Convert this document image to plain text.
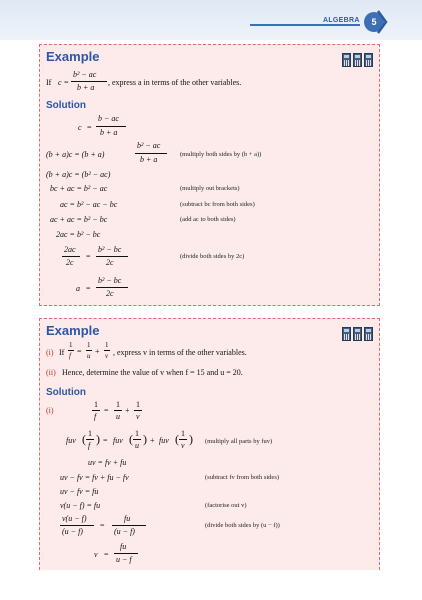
ALGEBRA 5
Example
If c =
b² − ac
b + a
, express a in terms of the other variables.
Solution
c =
b − ac
b + a
(b + a)c = (b + a)
b² − ac
b + a
(multiply both sides by (b + a))
(b + a)c = (b² − ac)
bc + ac = b² − ac	(multiply out brackets)
ac = b² − ac − bc	(subtract bc from both sides)
ac + ac = b² − bc	(add ac to both sides)
2ac = b² − bc
2ac
2c
=
b² − bc
2c
(divide both sides by 2c)
a =
b² − bc
2c
Example
(i) If
1
f =
1
u +
1
v , express v in terms of the other variables.
(ii) Hence, determine the value of v when f = 15 and u = 20.
Solution
(i)
1
f
=
1
u
+
1
v
fuv ( 1
f ) = fuv ( 1
u ) + fuv ( 1
v ) (multiply all parts by fuv)
uv = fv + fu
uv − fv = fv + fu − fv	(subtract fv from both sides)
uv − fv = fu
v(u − f) = fu	(factorise out v)
v(u − f)
(u − f)
=
fu
(u − f)
(divide both sides by (u − f))
v =
fu
u − f
